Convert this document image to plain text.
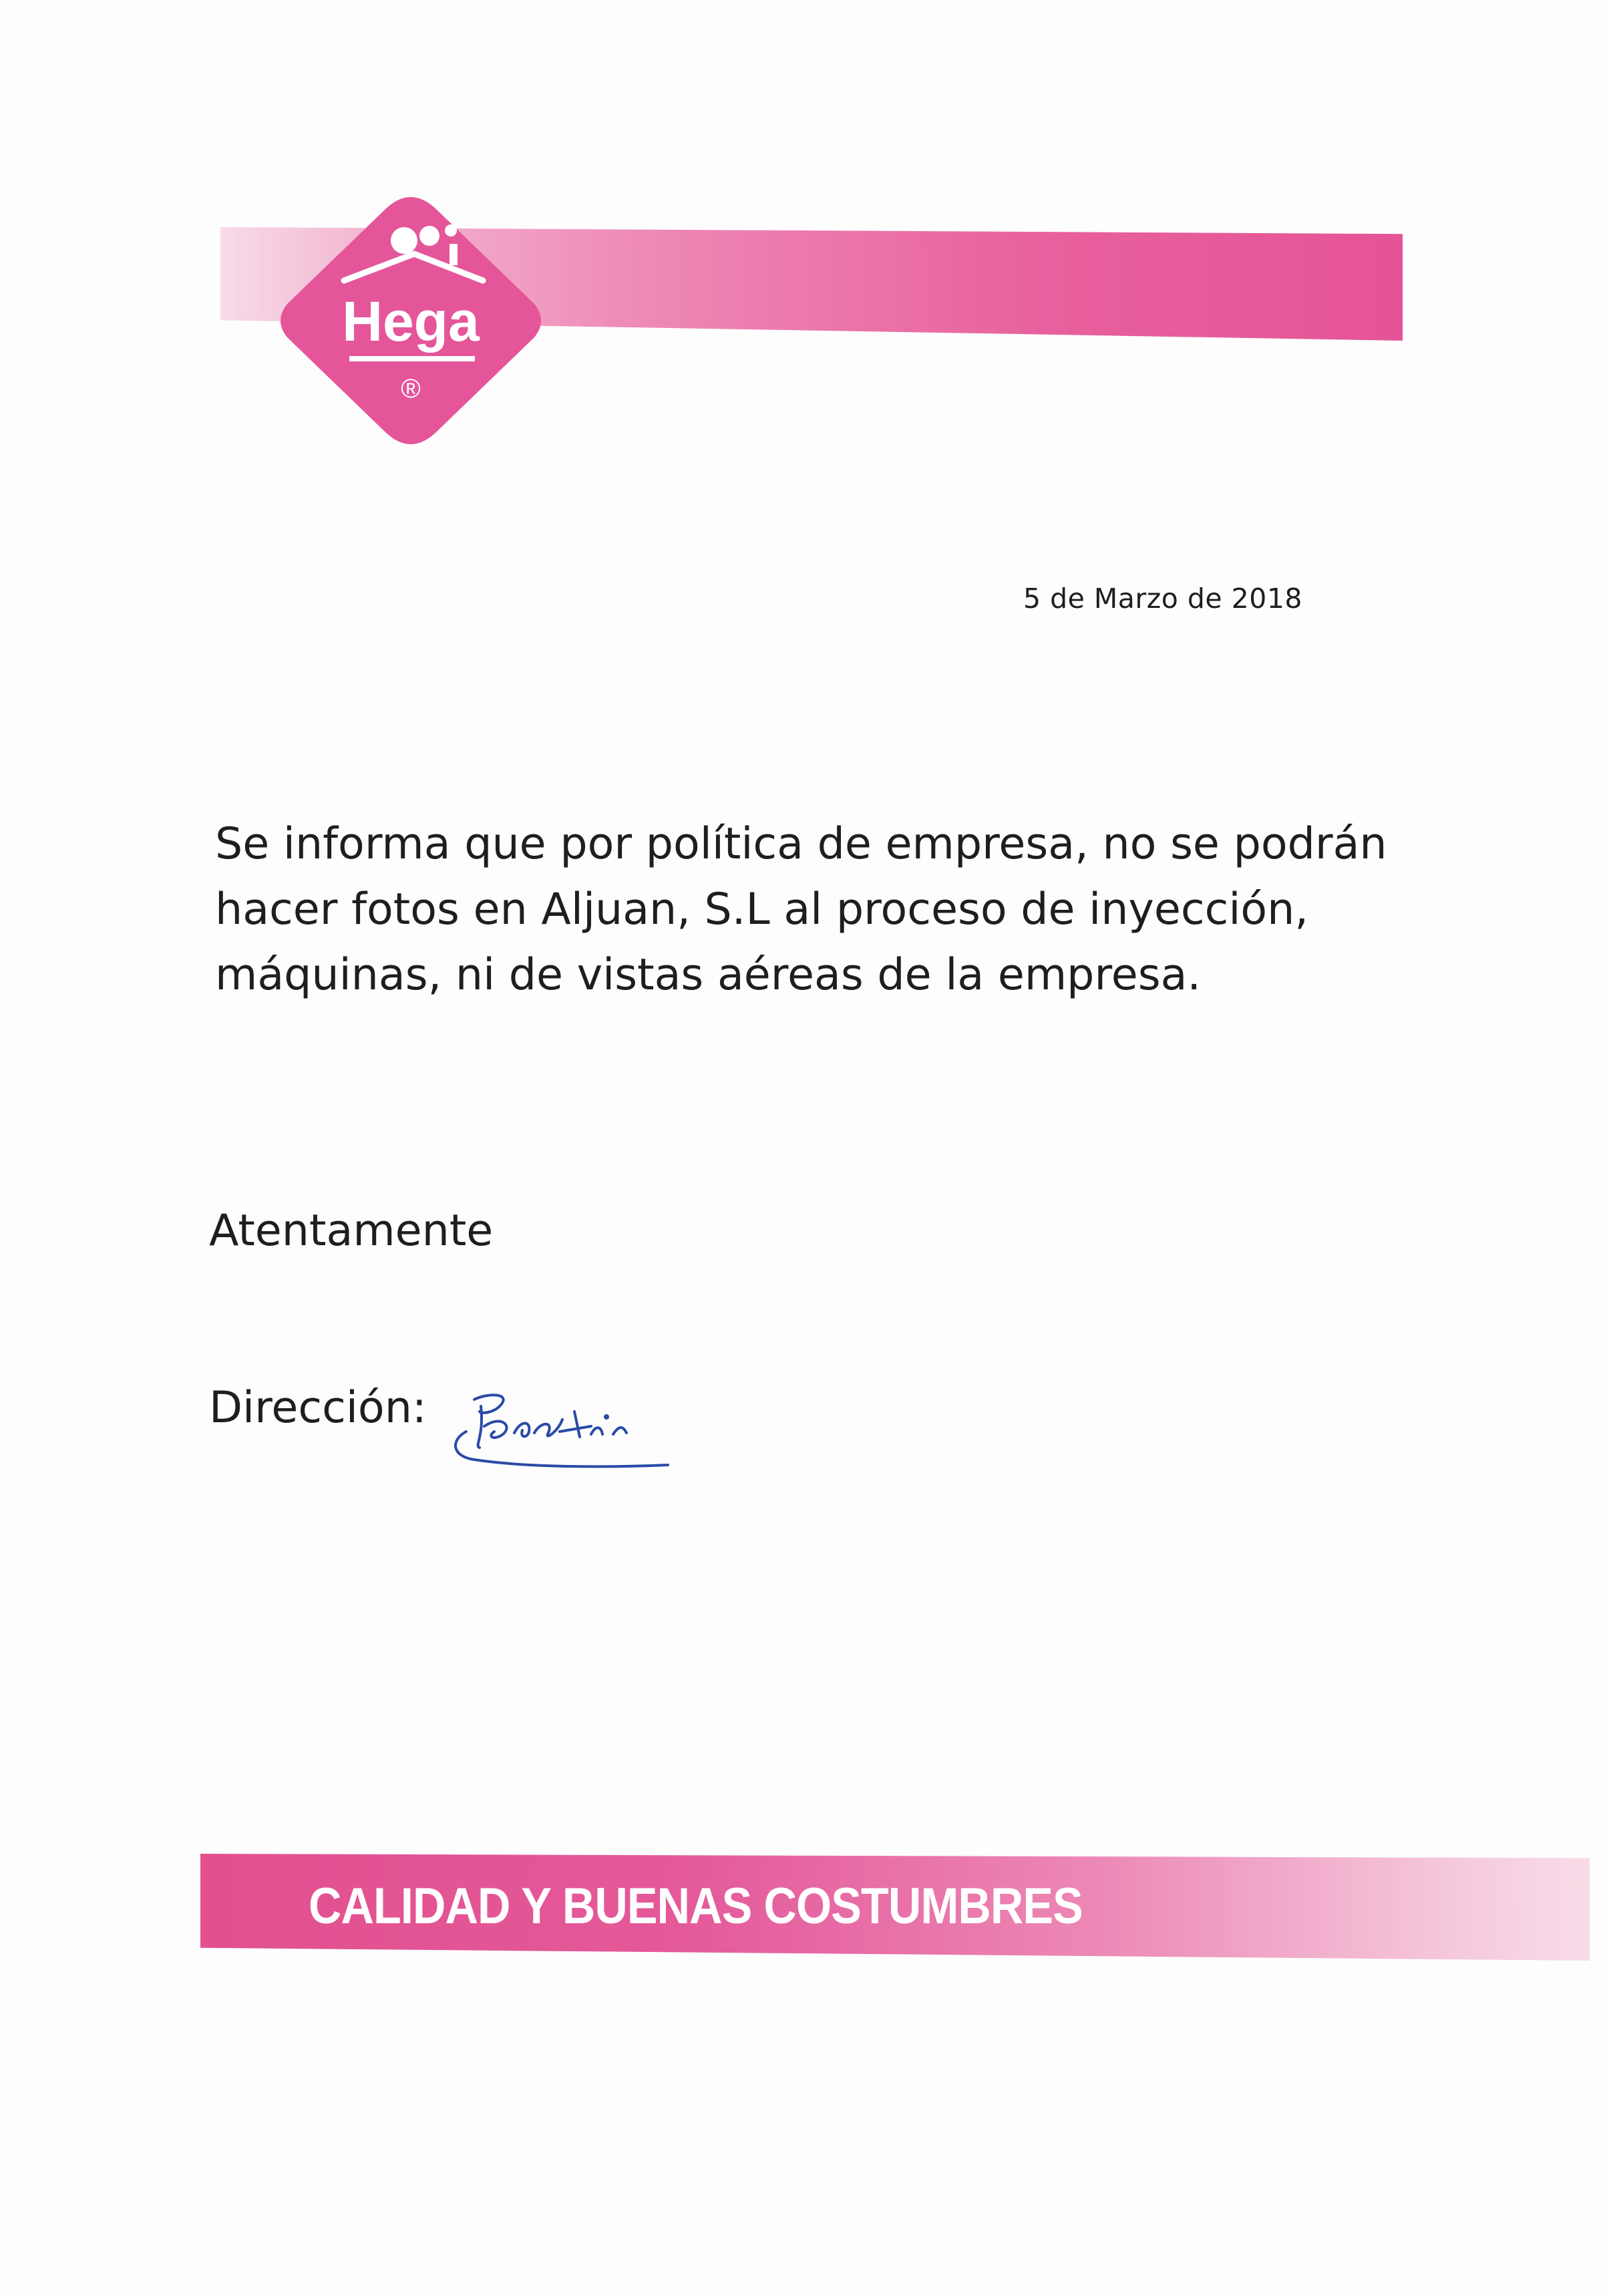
Hega
®
5 de Marzo de 2018

Se informa que por política de empresa, no se podrán

hacer fotos en Aljuan, S.L al proceso de inyección,

máquinas, ni de vistas aéreas de la empresa.

Atentamente
Dirección:
CALIDAD Y BUENAS COSTUMBRES
